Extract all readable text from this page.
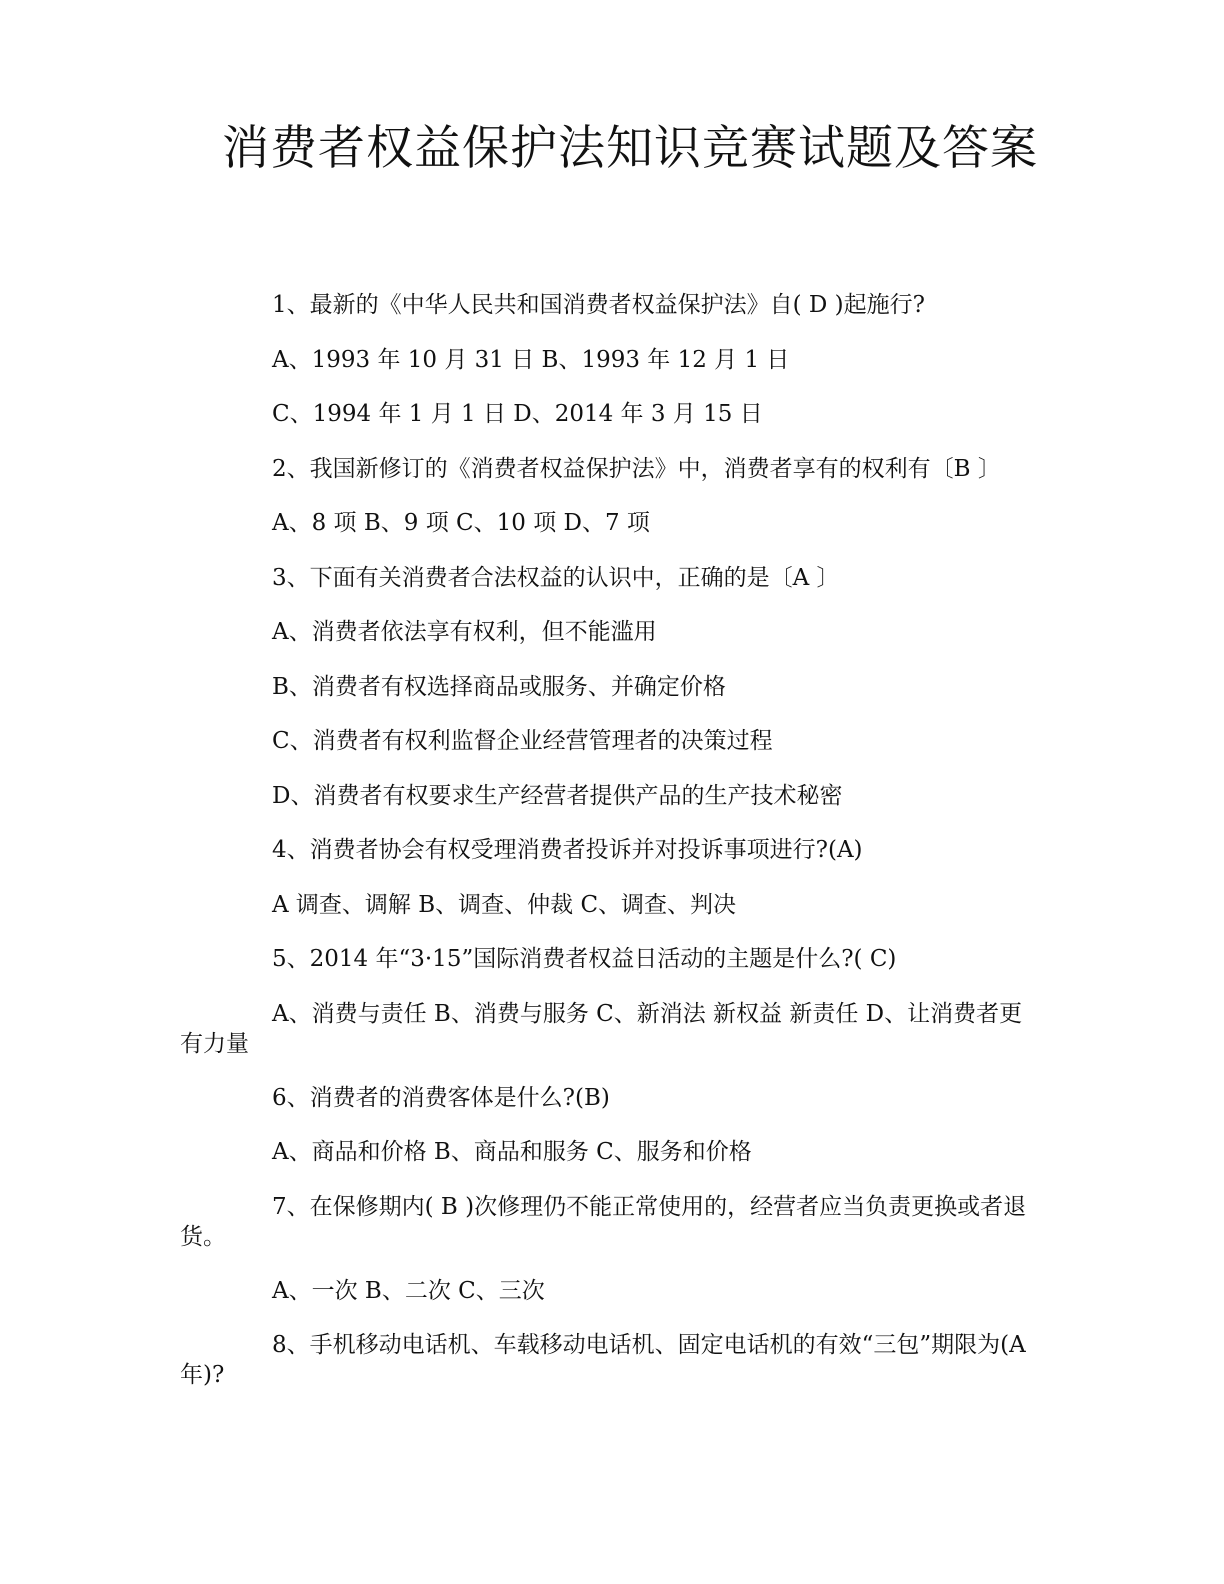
消费者权益保护法知识竞赛试题及答案
1、最新的《中华人民共和国消费者权益保护法》自( D )起施行?
A、1993 年 10 月 31 日 B、1993 年 12 月 1 日
C、1994 年 1 月 1 日 D、2014 年 3 月 15 日
2、我国新修订的《消费者权益保护法》中，消费者享有的权利有〔B 〕
A、8 项 B、9 项 C、10 项 D、7 项
3、下面有关消费者合法权益的认识中，正确的是〔A 〕
A、消费者依法享有权利，但不能滥用
B、消费者有权选择商品或服务、并确定价格
C、消费者有权利监督企业经营管理者的决策过程
D、消费者有权要求生产经营者提供产品的生产技术秘密
4、消费者协会有权受理消费者投诉并对投诉事项进行?(A)
A 调查、调解 B、调查、仲裁 C、调查、判决
5、2014 年“3·15”国际消费者权益日活动的主题是什么?( C)
A、消费与责任 B、消费与服务 C、新消法 新权益 新责任 D、让消费者更有力量
6、消费者的消费客体是什么?(B)
A、商品和价格 B、商品和服务 C、服务和价格
7、在保修期内( B )次修理仍不能正常使用的，经营者应当负责更换或者退货。
A、一次 B、二次 C、三次
8、手机移动电话机、车载移动电话机、固定电话机的有效“三包”期限为(A 年)?
